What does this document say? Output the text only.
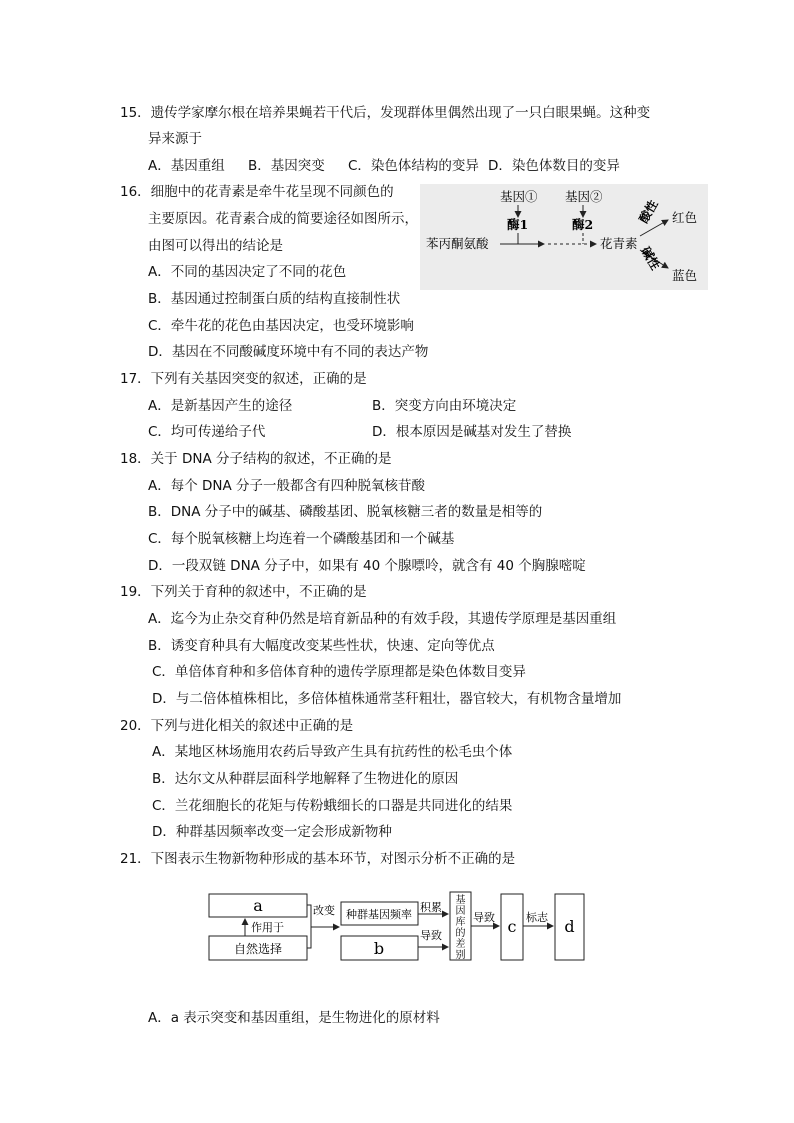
15．遗传学家摩尔根在培养果蝇若干代后，发现群体里偶然出现了一只白眼果蝇。这种变
异来源于
A．基因重组 B．基因突变 C．染色体结构的变异 D．染色体数目的变异
16．细胞中的花青素是牵牛花呈现不同颜色的
主要原因。花青素合成的简要途径如图所示，
由图可以得出的结论是
A．不同的基因决定了不同的花色
B．基因通过控制蛋白质的结构直接制性状
C．牵牛花的花色由基因决定，也受环境影响
D．基因在不同酸碱度环境中有不同的表达产物
基因① 基因②
酶1	酶2
苯丙酮氨酸	花青素
酸性
碱性
红色
蓝色
17．下列有关基因突变的叙述，正确的是
A．是新基因产生的途径	B．突变方向由环境决定
C．均可传递给子代	D．根本原因是碱基对发生了替换
18．关于 DNA 分子结构的叙述，不正确的是
A．每个 DNA 分子一般都含有四种脱氧核苷酸
B．DNA 分子中的碱基、磷酸基团、脱氧核糖三者的数量是相等的
C．每个脱氧核糖上均连着一个磷酸基团和一个碱基
D．一段双链 DNA 分子中，如果有 40 个腺嘌呤，就含有 40 个胸腺嘧啶
19．下列关于育种的叙述中，不正确的是
A．迄今为止杂交育种仍然是培育新品种的有效手段，其遗传学原理是基因重组
B．诱变育种具有大幅度改变某些性状，快速、定向等优点
C．单倍体育种和多倍体育种的遗传学原理都是染色体数目变异
D．与二倍体植株相比，多倍体植株通常茎秆粗壮，器官较大，有机物含量增加
20．下列与进化相关的叙述中正确的是
A．某地区林场施用农药后导致产生具有抗药性的松毛虫个体
B．达尔文从种群层面科学地解释了生物进化的原因
C．兰花细胞长的花矩与传粉蛾细长的口器是共同进化的结果
D．种群基因频率改变一定会形成新物种
21．下图表示生物新物种形成的基本环节，对图示分析不正确的是
a
自然选择
作用于
改变 种群基因频率
b
积累
导致
基
因
库
的
差
别
导致 c 标志 d
A．a 表示突变和基因重组，是生物进化的原材料
